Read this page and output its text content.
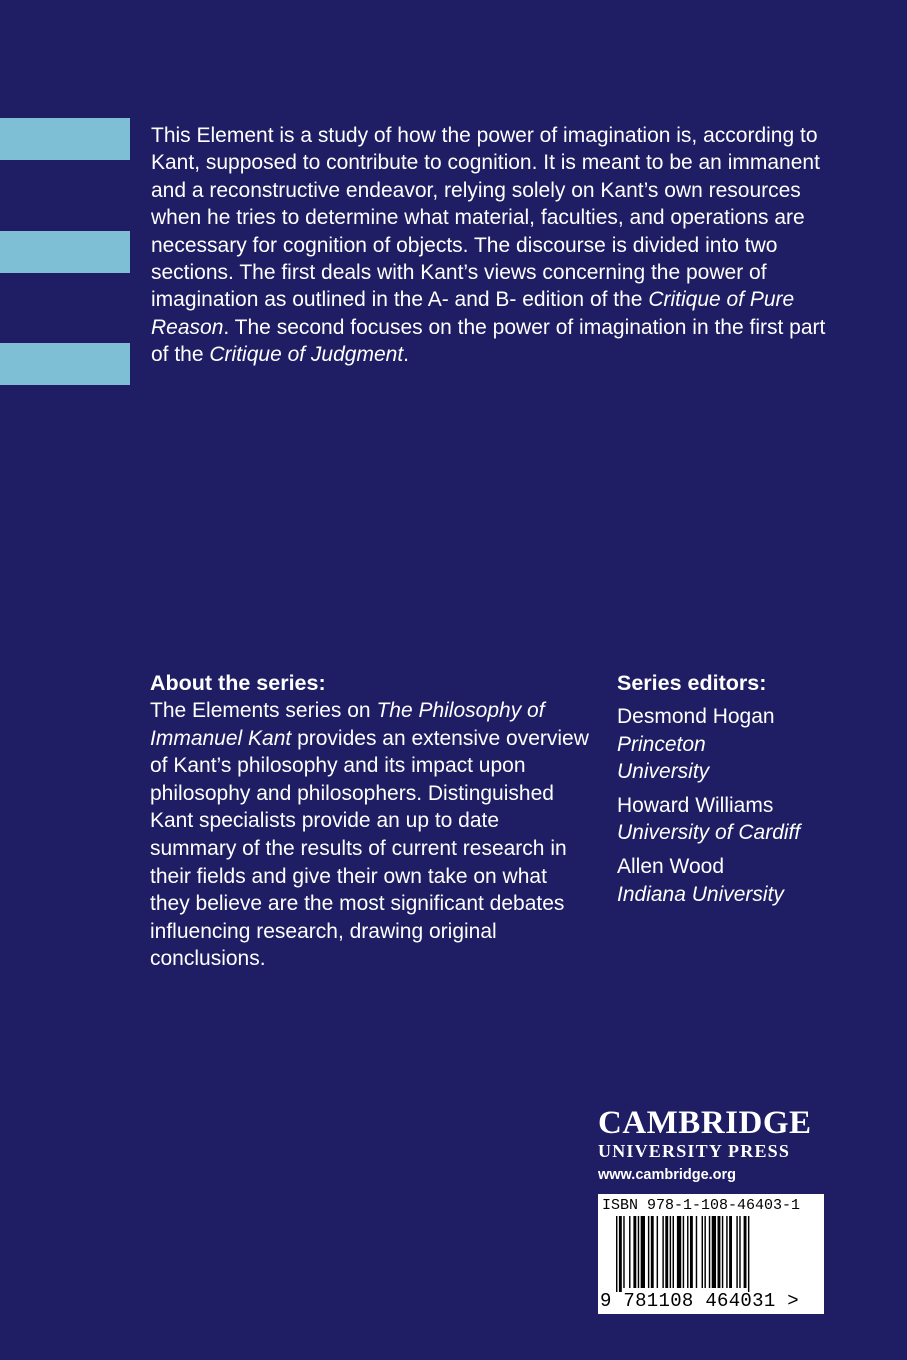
This Element is a study of how the power of imagination is, according to Kant, supposed to contribute to cognition. It is meant to be an immanent and a reconstructive endeavor, relying solely on Kant’s own resources when he tries to determine what material, faculties, and operations are necessary for cognition of objects. The discourse is divided into two sections. The first deals with Kant’s views concerning the power of imagination as outlined in the A- and B- edition of the Critique of Pure Reason. The second focuses on the power of imagination in the first part of the Critique of Judgment.

About the series:

The Elements series on The Philosophy of Immanuel Kant provides an extensive overview of Kant’s philosophy and its impact upon philosophy and philosophers. Distinguished Kant specialists provide an up to date summary of the results of current research in their fields and give their own take on what they believe are the most significant debates influencing research, drawing original conclusions.

Series editors:
Desmond Hogan
Princeton University
Howard Williams
University of Cardiff
Allen Wood
Indiana University
CAMBRIDGE
UNIVERSITY PRESS
www.cambridge.org
ISBN 978-1-108-46403-1
9 781108 464031 >
